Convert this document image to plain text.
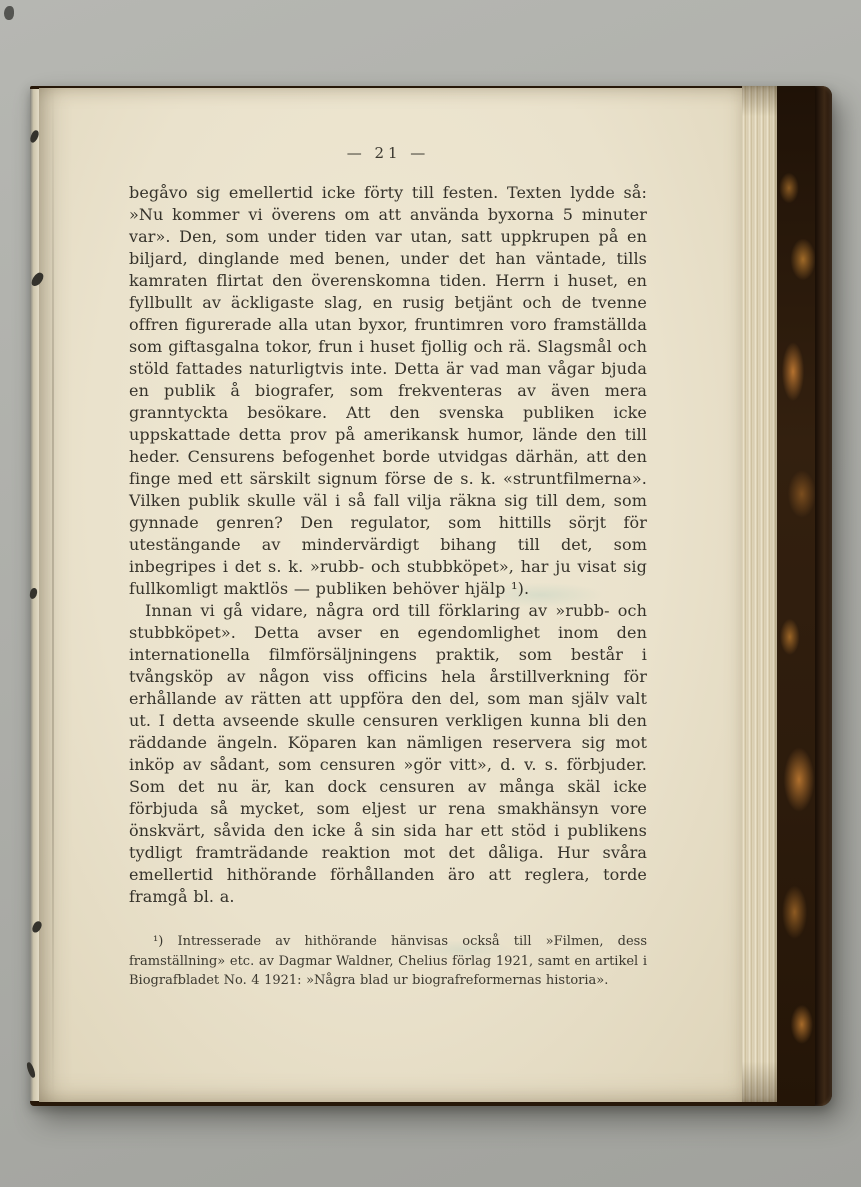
— 21 —

begåvo sig emellertid icke förty till festen. Texten lydde så: »Nu kommer vi överens om att använda byxorna 5 minuter var». Den, som under tiden var utan, satt uppkrupen på en biljard, dinglande med benen, under det han väntade, tills kamraten flirtat den överenskomna tiden. Herrn i huset, en fyllbullt av äckligaste slag, en rusig betjänt och de tvenne offren figurerade alla utan byxor, fruntimren voro framställda som giftasgalna tokor, frun i huset fjollig och rä. Slagsmål och stöld fattades naturligtvis inte. Detta är vad man vågar bjuda en publik å biografer, som frekventeras av även mera granntyckta besökare. Att den svenska publiken icke uppskattade detta prov på amerikansk humor, lände den till heder. Censurens befogenhet borde utvidgas därhän, att den finge med ett särskilt signum förse de s. k. «struntfilmerna». Vilken publik skulle väl i så fall vilja räkna sig till dem, som gynnade genren? Den regulator, som hittills sörjt för utestängande av mindervärdigt bihang till det, som inbegripes i det s. k. »rubb- och stubbköpet», har ju visat sig fullkomligt maktlös — publiken behöver hjälp ¹).

Innan vi gå vidare, några ord till förklaring av »rubb- och stubbköpet». Detta avser en egendomlighet inom den internationella filmförsäljningens praktik, som består i tvångsköp av någon viss officins hela årstillverkning för erhållande av rätten att uppföra den del, som man själv valt ut. I detta avseende skulle censuren verkligen kunna bli den räddande ängeln. Köparen kan nämligen reservera sig mot inköp av sådant, som censuren »gör vitt», d. v. s. förbjuder. Som det nu är, kan dock censuren av många skäl icke förbjuda så mycket, som eljest ur rena smakhänsyn vore önskvärt, såvida den icke å sin sida har ett stöd i publikens tydligt framträdande reaktion mot det dåliga. Hur svåra emellertid hithörande förhållanden äro att reglera, torde framgå bl. a.

¹) Intresserade av hithörande hänvisas också till »Filmen, dess framställning» etc. av Dagmar Waldner, Chelius förlag 1921, samt en artikel i Biografbladet No. 4 1921: »Några blad ur biografreformernas historia».
